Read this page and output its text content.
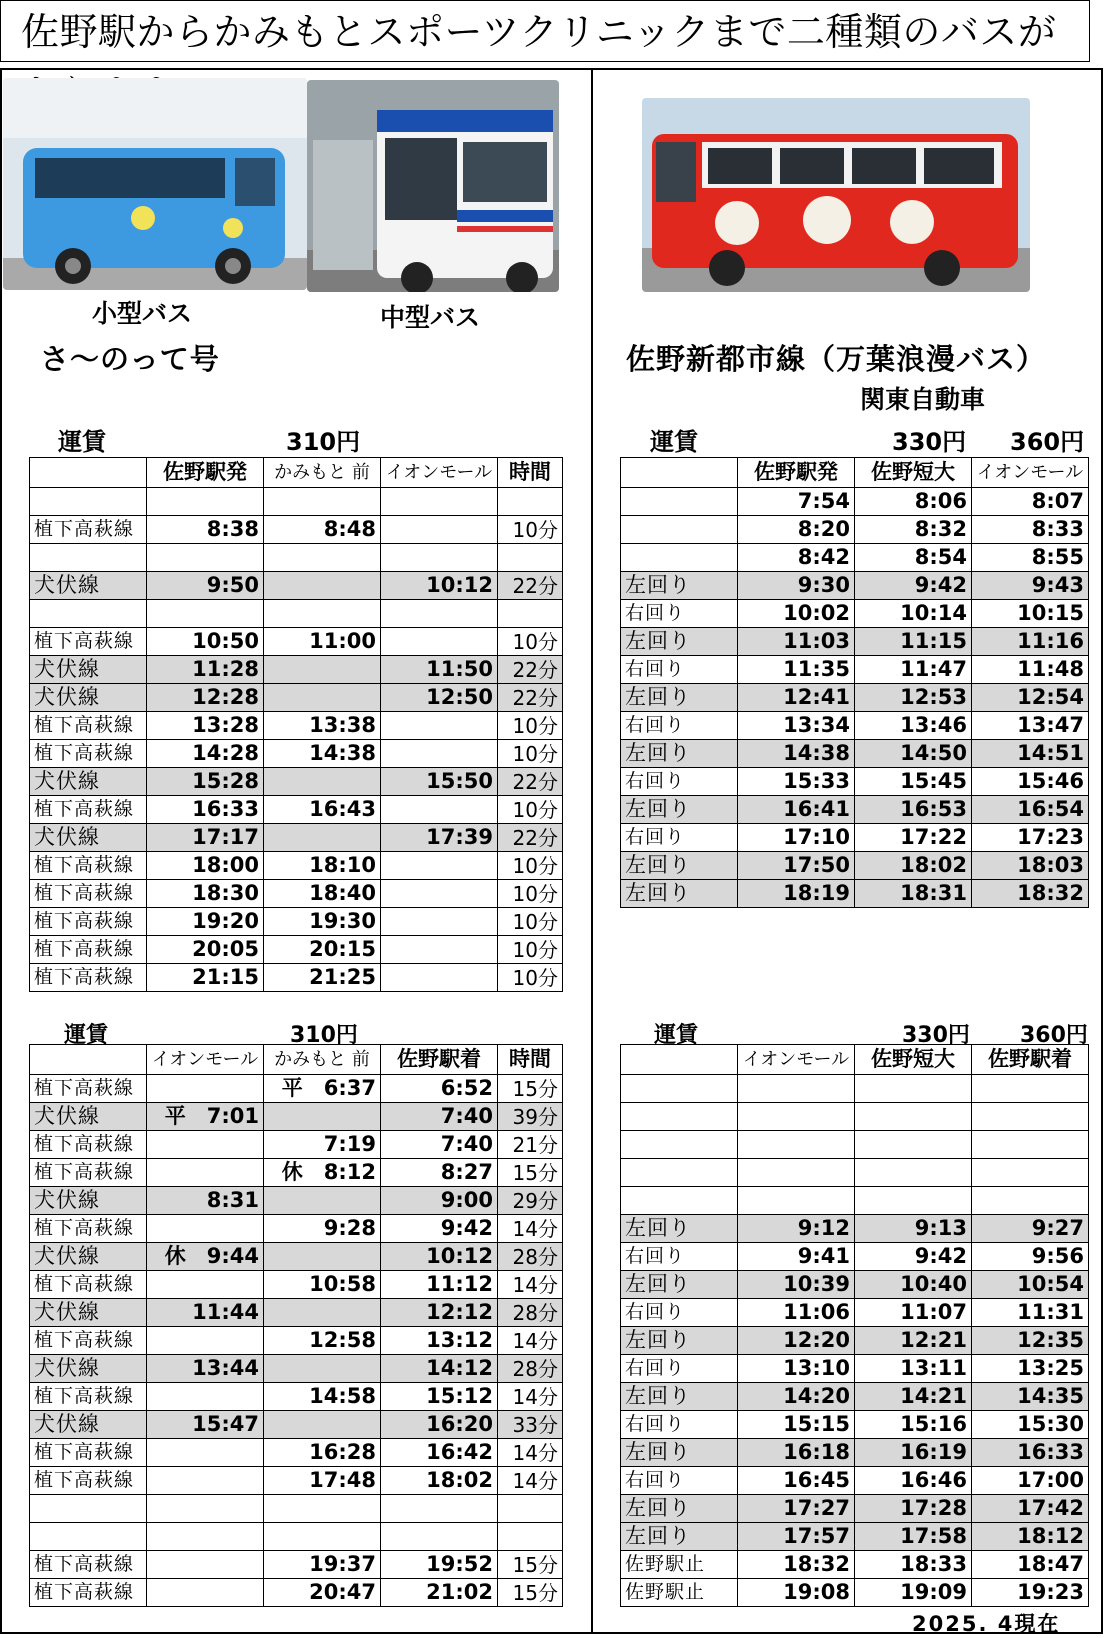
佐野駅からかみもとスポーツクリニックまで二種類のバスが
小型バス	中型バス
さ～のって号	佐野新都市線（万葉浪漫バス）
関東自動車
運賃	310円	運賃	330円 360円
	佐野駅発	かみもと 前	イオンモール	時間

植下高萩線	8:38	8:48		10分

犬伏線	9:50		10:12	22分

植下高萩線	10:50	11:00		10分
犬伏線	11:28		11:50	22分
犬伏線	12:28		12:50	22分
植下高萩線	13:28	13:38		10分
植下高萩線	14:28	14:38		10分
犬伏線	15:28		15:50	22分
植下高萩線	16:33	16:43		10分
犬伏線	17:17		17:39	22分
植下高萩線	18:00	18:10		10分
植下高萩線	18:30	18:40		10分
植下高萩線	19:20	19:30		10分
植下高萩線	20:05	20:15		10分
植下高萩線	21:15	21:25		10分
	佐野駅発	佐野短大	イオンモール
	7:54	8:06	8:07
	8:20	8:32	8:33
	8:42	8:54	8:55
左回り	9:30	9:42	9:43
右回り	10:02	10:14	10:15
左回り	11:03	11:15	11:16
右回り	11:35	11:47	11:48
左回り	12:41	12:53	12:54
右回り	13:34	13:46	13:47
左回り	14:38	14:50	14:51
右回り	15:33	15:45	15:46
左回り	16:41	16:53	16:54
右回り	17:10	17:22	17:23
左回り	17:50	18:02	18:03
左回り	18:19	18:31	18:32
運賃	310円	運賃	330円 360円
	イオンモール	かみもと 前	佐野駅着	時間
植下高萩線		平　6:37	6:52	15分
犬伏線	平　7:01		7:40	39分
植下高萩線		7:19	7:40	21分
植下高萩線		休　8:12	8:27	15分
犬伏線	8:31		9:00	29分
植下高萩線		9:28	9:42	14分
犬伏線	休　9:44		10:12	28分
植下高萩線		10:58	11:12	14分
犬伏線	11:44		12:12	28分
植下高萩線		12:58	13:12	14分
犬伏線	13:44		14:12	28分
植下高萩線		14:58	15:12	14分
犬伏線	15:47		16:20	33分
植下高萩線		16:28	16:42	14分
植下高萩線		17:48	18:02	14分

植下高萩線		19:37	19:52	15分
植下高萩線		20:47	21:02	15分
	イオンモール	佐野短大	佐野駅着

左回り	9:12	9:13	9:27
右回り	9:41	9:42	9:56
左回り	10:39	10:40	10:54
右回り	11:06	11:07	11:31
左回り	12:20	12:21	12:35
右回り	13:10	13:11	13:25
左回り	14:20	14:21	14:35
右回り	15:15	15:16	15:30
左回り	16:18	16:19	16:33
右回り	16:45	16:46	17:00
左回り	17:27	17:28	17:42
左回り	17:57	17:58	18:12
佐野駅止	18:32	18:33	18:47
佐野駅止	19:08	19:09	19:23
2025. 4現在
